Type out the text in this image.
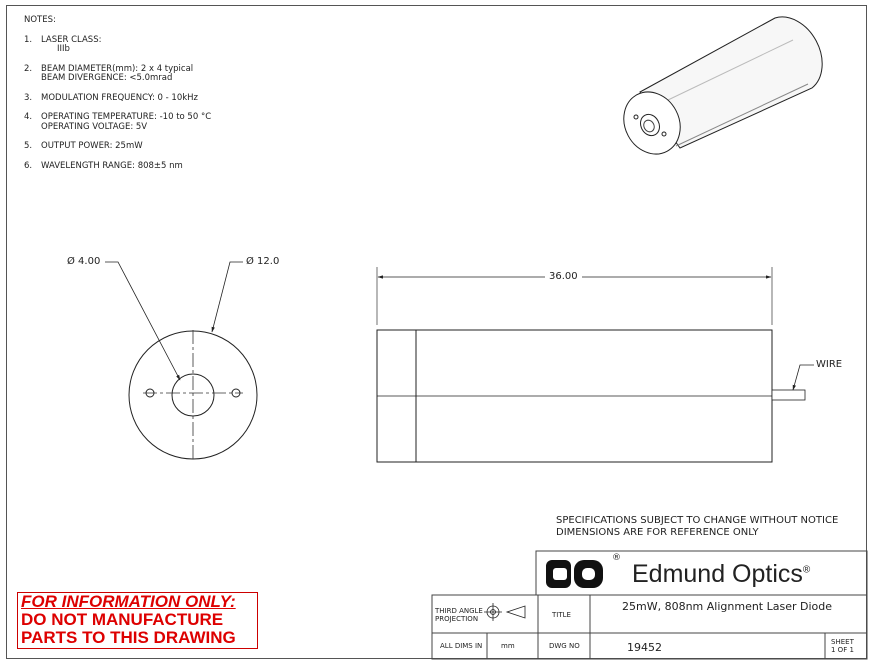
NOTES:
1.	LASER CLASS:
IIIb
2.	BEAM DIAMETER(mm): 2 x 4 typical
BEAM DIVERGENCE: <5.0mrad
3.	MODULATION FREQUENCY: 0 - 10kHz
4.	OPERATING TEMPERATURE: -10 to 50 °C
OPERATING VOLTAGE: 5V
5.	OUTPUT POWER: 25mW
6.	WAVELENGTH RANGE: 808±5 nm
Ø 4.00	Ø 12.0
36.00
WIRE
SPECIFICATIONS SUBJECT TO CHANGE WITHOUT NOTICE
DIMENSIONS ARE FOR REFERENCE ONLY
FOR INFORMATION ONLY:
DO NOT MANUFACTURE
PARTS TO THIS DRAWING
®
Edmund Optics®
THIRD ANGLE
PROJECTION	TITLE
25mW, 808nm Alignment Laser Diode
ALL DIMS IN	mm	DWG NO	19452	SHEET
1 OF 1
